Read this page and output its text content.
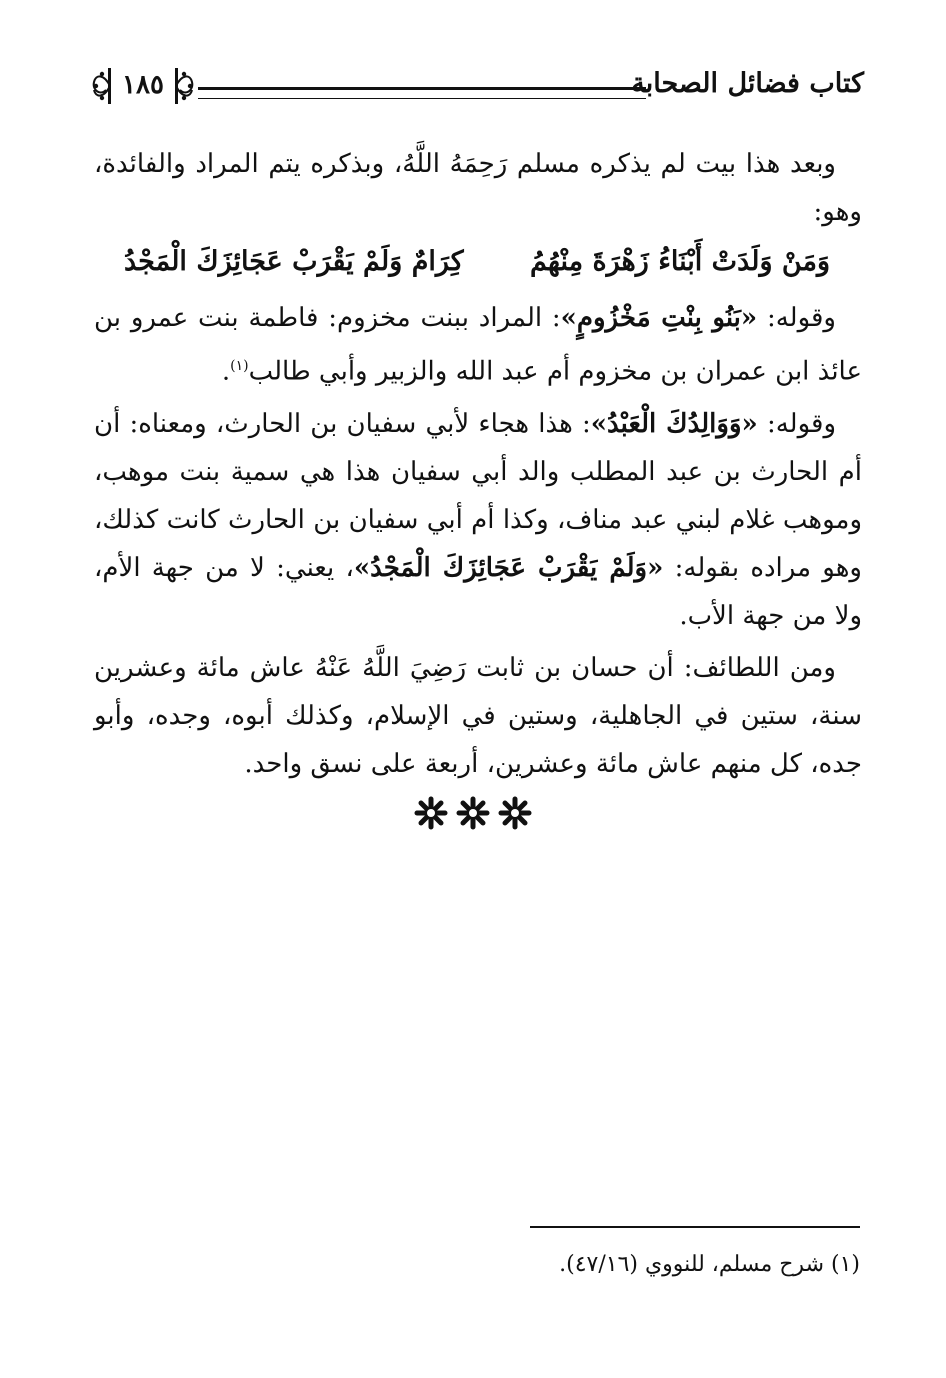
كتاب فضائل الصحابة
١٨٥

وبعد هذا بيت لم يذكره مسلم رَحِمَهُ اللَّهُ، وبذكره يتم المراد والفائدة، وهو:

وَمَنْ وَلَدَتْ أَبْنَاءُ زَهْرَةَ مِنْهُمُ
كِرَامٌ وَلَمْ يَقْرَبْ عَجَائِزَكَ الْمَجْدُ

وقوله: «بَنُو بِنْتِ مَخْزُومٍ»: المراد ببنت مخزوم: فاطمة بنت عمرو بن عائذ ابن عمران بن مخزوم أم عبد الله والزبير وأبي طالب$^{(١)}$.

وقوله: «وَوَالِدُكَ الْعَبْدُ»: هذا هجاء لأبي سفيان بن الحارث، ومعناه: أن أم الحارث بن عبد المطلب والد أبي سفيان هذا هي سمية بنت موهب، وموهب غلام لبني عبد مناف، وكذا أم أبي سفيان بن الحارث كانت كذلك، وهو مراده بقوله: «وَلَمْ يَقْرَبْ عَجَائِزَكَ الْمَجْدُ»، يعني: لا من جهة الأم، ولا من جهة الأب.

ومن اللطائف: أن حسان بن ثابت رَضِيَ اللَّهُ عَنْهُ عاش مائة وعشرين سنة، ستين في الجاهلية، وستين في الإسلام، وكذلك أبوه، وجده، وأبو جده، كل منهم عاش مائة وعشرين، أربعة على نسق واحد.

(١) شرح مسلم، للنووي (٤٧/١٦).
